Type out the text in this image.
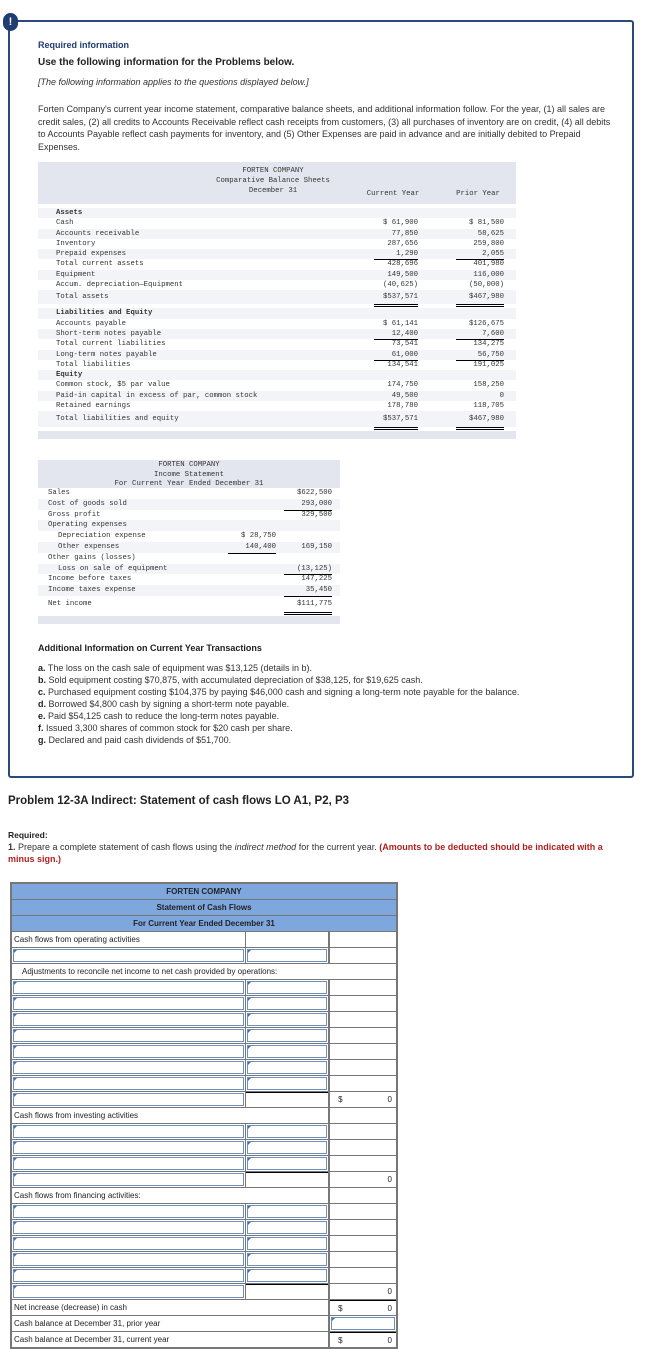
!
Required information
Use the following information for the Problems below.
[The following information applies to the questions displayed below.]
Forten Company's current year income statement, comparative balance sheets, and additional information follow. For the year, (1) all sales are credit sales, (2) all credits to Accounts Receivable reflect cash receipts from customers, (3) all purchases of inventory are on credit, (4) all debits to Accounts Payable reflect cash payments for inventory, and (5) Other Expenses are paid in advance and are initially debited to Prepaid Expenses.
FORTEN COMPANY
Comparative Balance Sheets
December 31	Current Year	Prior Year
Assets
Cash	$ 61,900	$ 81,500
Accounts receivable	77,850	58,625
Inventory	287,656	259,800
Prepaid expenses	1,290	2,055
Total current assets	428,696	401,980
Equipment	149,500	116,000
Accum. depreciation—Equipment	(40,625)	(50,000)
Total assets	$537,571	$467,980
Liabilities and Equity
Accounts payable	$ 61,141	$126,675
Short-term notes payable	12,400	7,600
Total current liabilities	73,541	134,275
Long-term notes payable	61,000	56,750
Total liabilities	134,541	191,025
Equity
Common stock, $5 par value	174,750	158,250
Paid-in capital in excess of par, common stock	49,500	0
Retained earnings	178,780	118,705
Total liabilities and equity	$537,571	$467,980
FORTEN COMPANY
Income Statement
For Current Year Ended December 31
Sales	$622,500
Cost of goods sold	293,000
Gross profit	329,500
Operating expenses
Depreciation expense	$ 28,750
Other expenses	140,400	169,150
Other gains (losses)
Loss on sale of equipment	(13,125)
Income before taxes	147,225
Income taxes expense	35,450
Net income	$111,775
Additional Information on Current Year Transactions
a. The loss on the cash sale of equipment was $13,125 (details in b).
b. Sold equipment costing $70,875, with accumulated depreciation of $38,125, for $19,625 cash.
c. Purchased equipment costing $104,375 by paying $46,000 cash and signing a long-term note payable for the balance.
d. Borrowed $4,800 cash by signing a short-term note payable.
e. Paid $54,125 cash to reduce the long-term notes payable.
f. Issued 3,300 shares of common stock for $20 cash per share.
g. Declared and paid cash dividends of $51,700.
Problem 12-3A Indirect: Statement of cash flows LO A1, P2, P3
Required:
1. Prepare a complete statement of cash flows using the indirect method for the current year. (Amounts to be deducted should be indicated with a minus sign.)
FORTEN COMPANY
Statement of Cash Flows
For Current Year Ended December 31
Cash flows from operating activities
Adjustments to reconcile net income to net cash provided by operations:
$	0
Cash flows from investing activities
0
Cash flows from financing activities:
0
Net increase (decrease) in cash	$	0
Cash balance at December 31, prior year
Cash balance at December 31, current year	$	0
